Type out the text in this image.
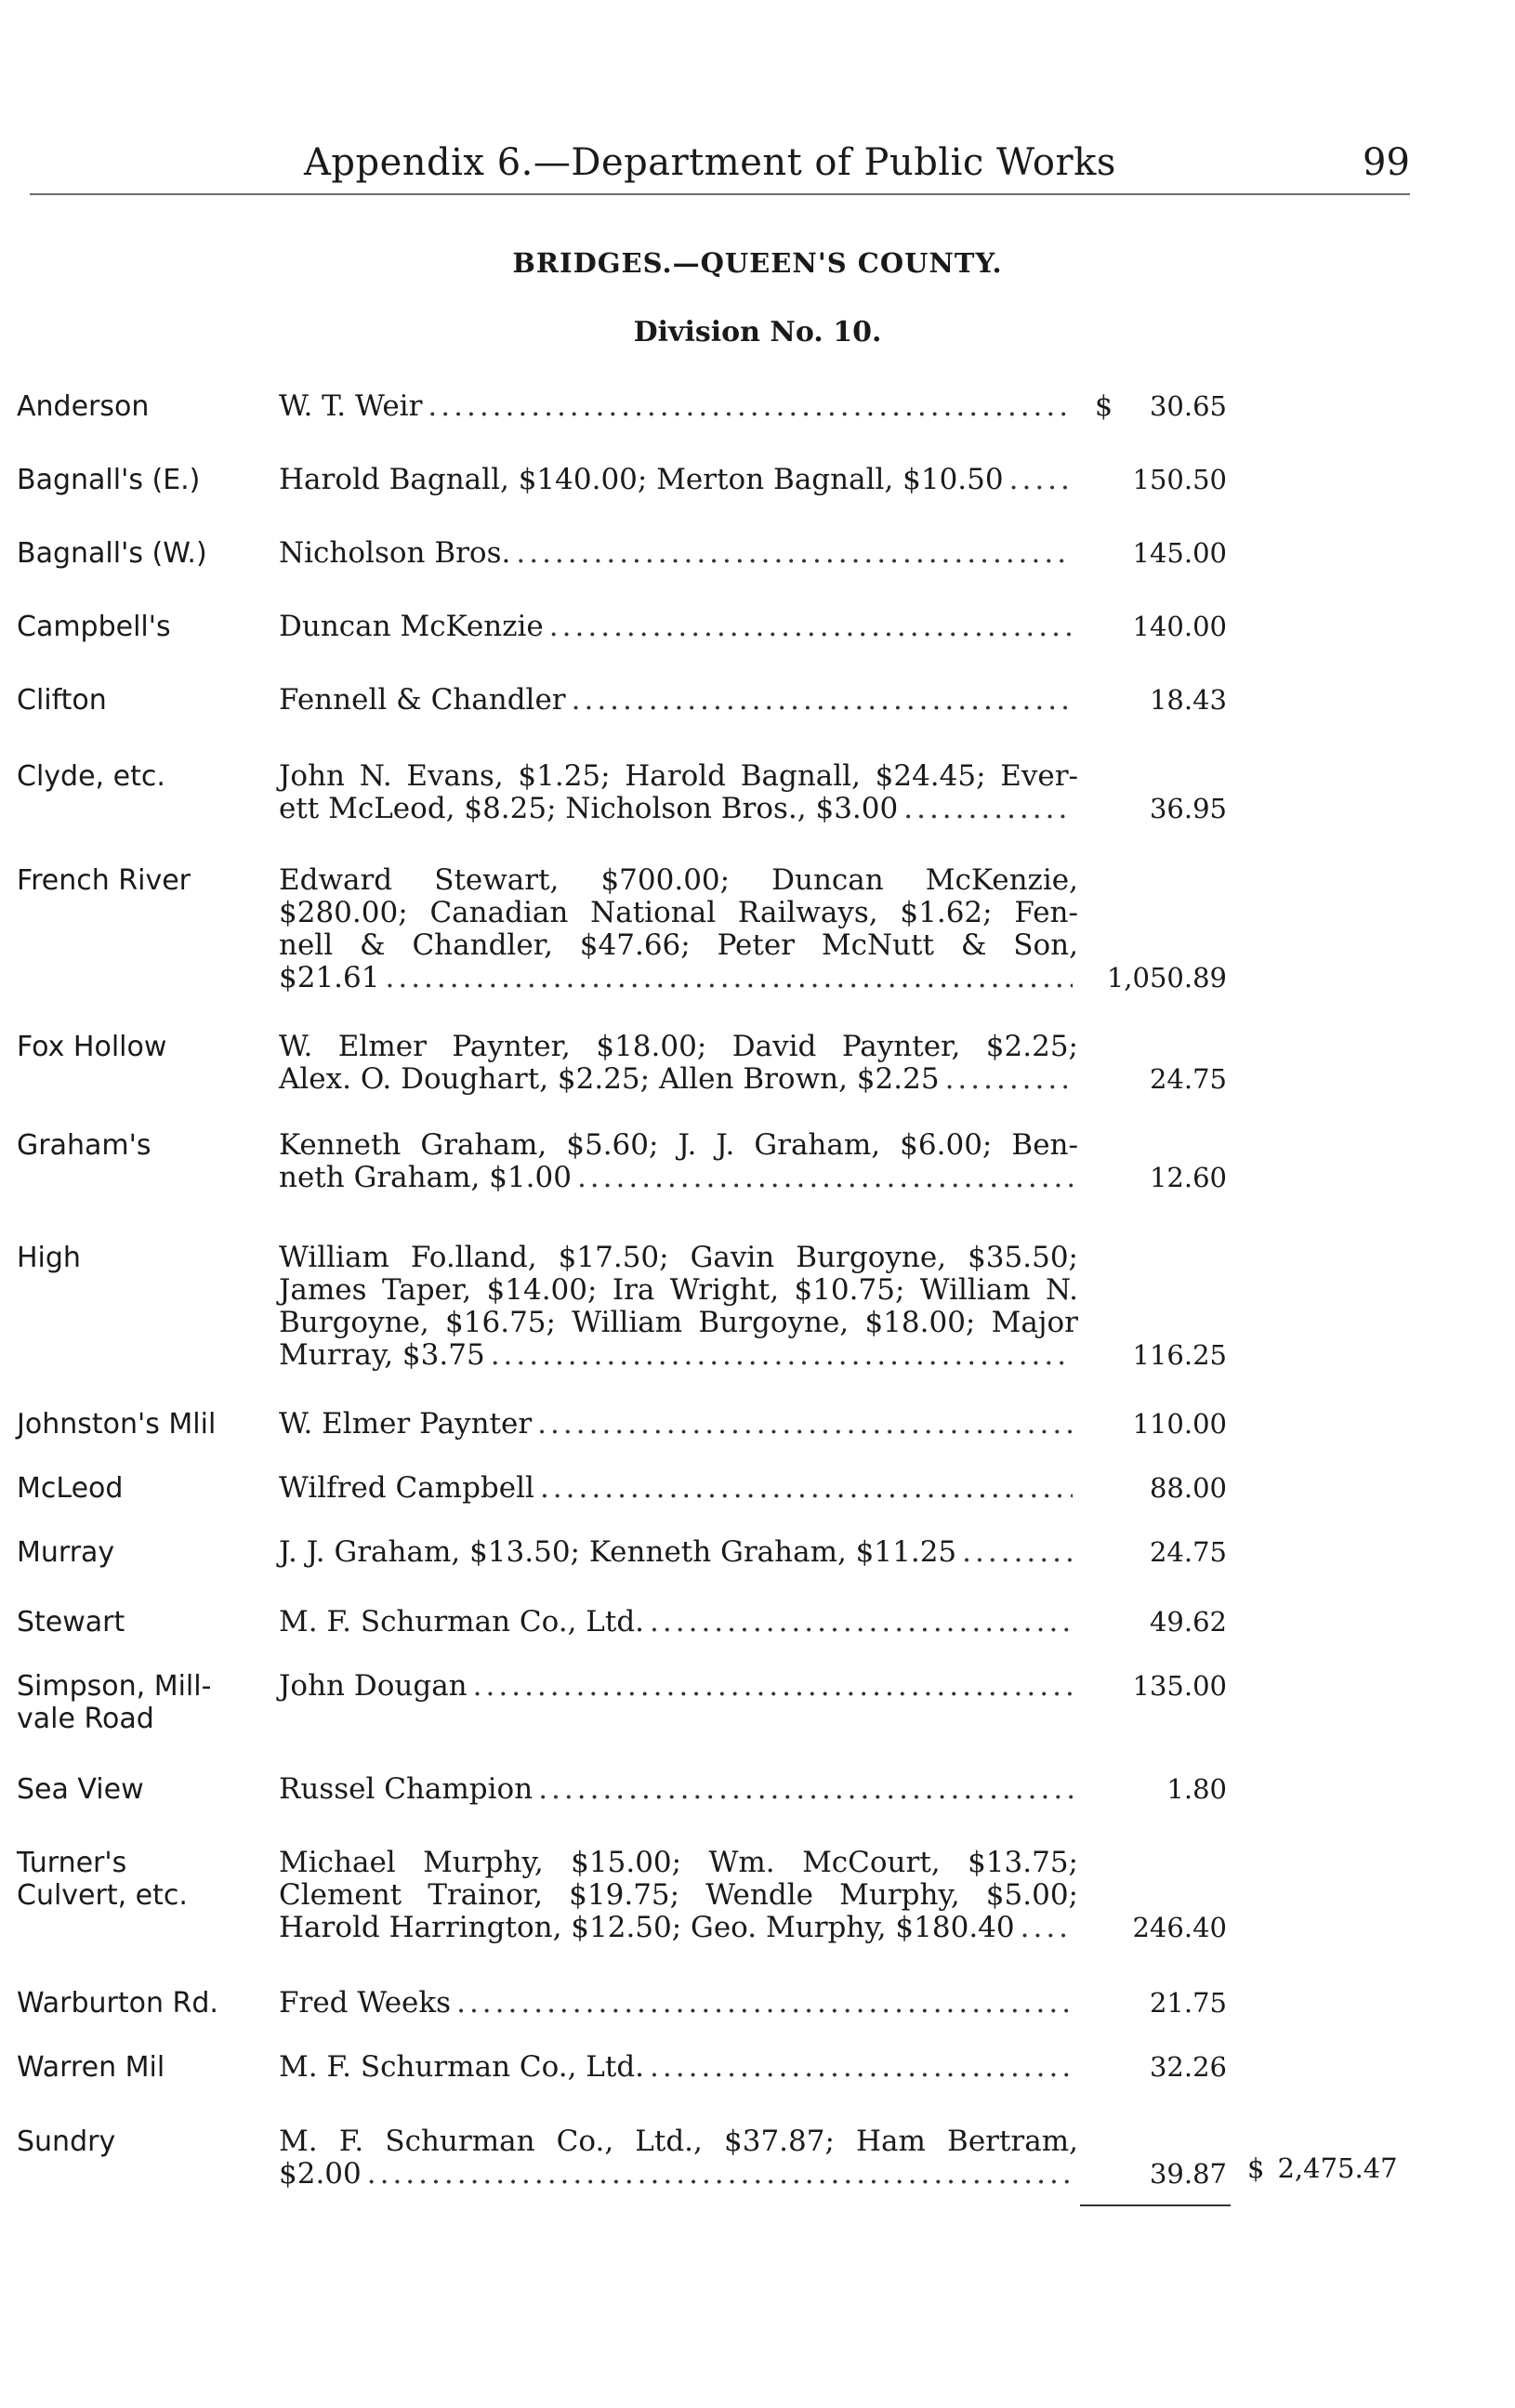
Appendix 6.—Department of Public Works	99
BRIDGES.—QUEEN'S COUNTY.
Division No. 10.
Anderson	W. T. Weir .....	$	30.65
Bagnall's (E.)	Harold Bagnall, $140.00; Merton Bagnall, $10.50 .....	150.50
Bagnall's (W.)	Nicholson Bros. .....	145.00
Campbell's	Duncan McKenzie .....	140.00
Clifton	Fennell & Chandler .....	18.43
Clyde, etc.	John N. Evans, $1.25; Harold Bagnall, $24.45; Ever-
ett McLeod, $8.25; Nicholson Bros., $3.00 .....	36.95
French River	Edward Stewart, $700.00; Duncan McKenzie,
$280.00; Canadian National Railways, $1.62; Fen-
nell & Chandler, $47.66; Peter McNutt & Son,
$21.61 .....	1,050.89
Fox Hollow	W. Elmer Paynter, $18.00; David Paynter, $2.25;
Alex. O. Doughart, $2.25; Allen Brown, $2.25 .....	24.75
Graham's	Kenneth Graham, $5.60; J. J. Graham, $6.00; Ben-
neth Graham, $1.00 .....	12.60
High	William Fo.lland, $17.50; Gavin Burgoyne, $35.50;
James Taper, $14.00; Ira Wright, $10.75; William N.
Burgoyne, $16.75; William Burgoyne, $18.00; Major
Murray, $3.75 .....	116.25
Johnston's Mlil	W. Elmer Paynter .....	110.00
McLeod	Wilfred Campbell .....	88.00
Murray	J. J. Graham, $13.50; Kenneth Graham, $11.25 .....	24.75
Stewart	M. F. Schurman Co., Ltd. .....	49.62
Simpson, Mill-
vale Road
John Dougan .....	135.00
Sea View	Russel Champion .....	1.80
Turner's
Culvert, etc.
Michael Murphy, $15.00; Wm. McCourt, $13.75;
Clement Trainor, $19.75; Wendle Murphy, $5.00;
Harold Harrington, $12.50; Geo. Murphy, $180.40 .....	246.40
Warburton Rd.	Fred Weeks .....	21.75
Warren Mil	M. F. Schurman Co., Ltd. .....	32.26
Sundry	M. F. Schurman Co., Ltd., $37.87; Ham Bertram,
$2.00 .....	39.87 $ 2,475.47
